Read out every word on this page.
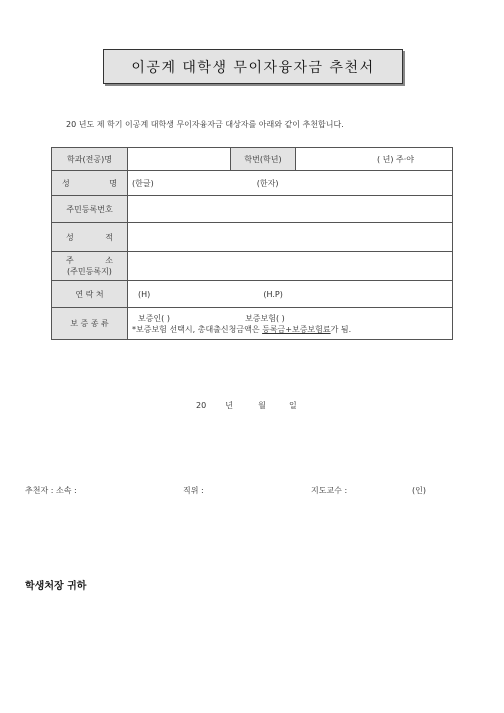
이공계 대학생 무이자융자금 추천서
20 년도 제 학기 이공계 대학생 무이자융자금 대상자를 아래와 같이 추천합니다.
학과(전공)명		학번(학년)	( 년) 주·야

성 명	(한글) (한자)		
주민등록번호			

성 적			

주 소
(주민등록지)			

연 락 처	(H) (H.P)		
보 증 종 류	보증인( ) 보증보험( )
*보증보험 선택시, 총대출신청금액은 등록금+보증보험료가 됨.		
20 년	월	일
추천자 : 소속 :	직위 :	지도교수 :	(인)
학생처장 귀하
